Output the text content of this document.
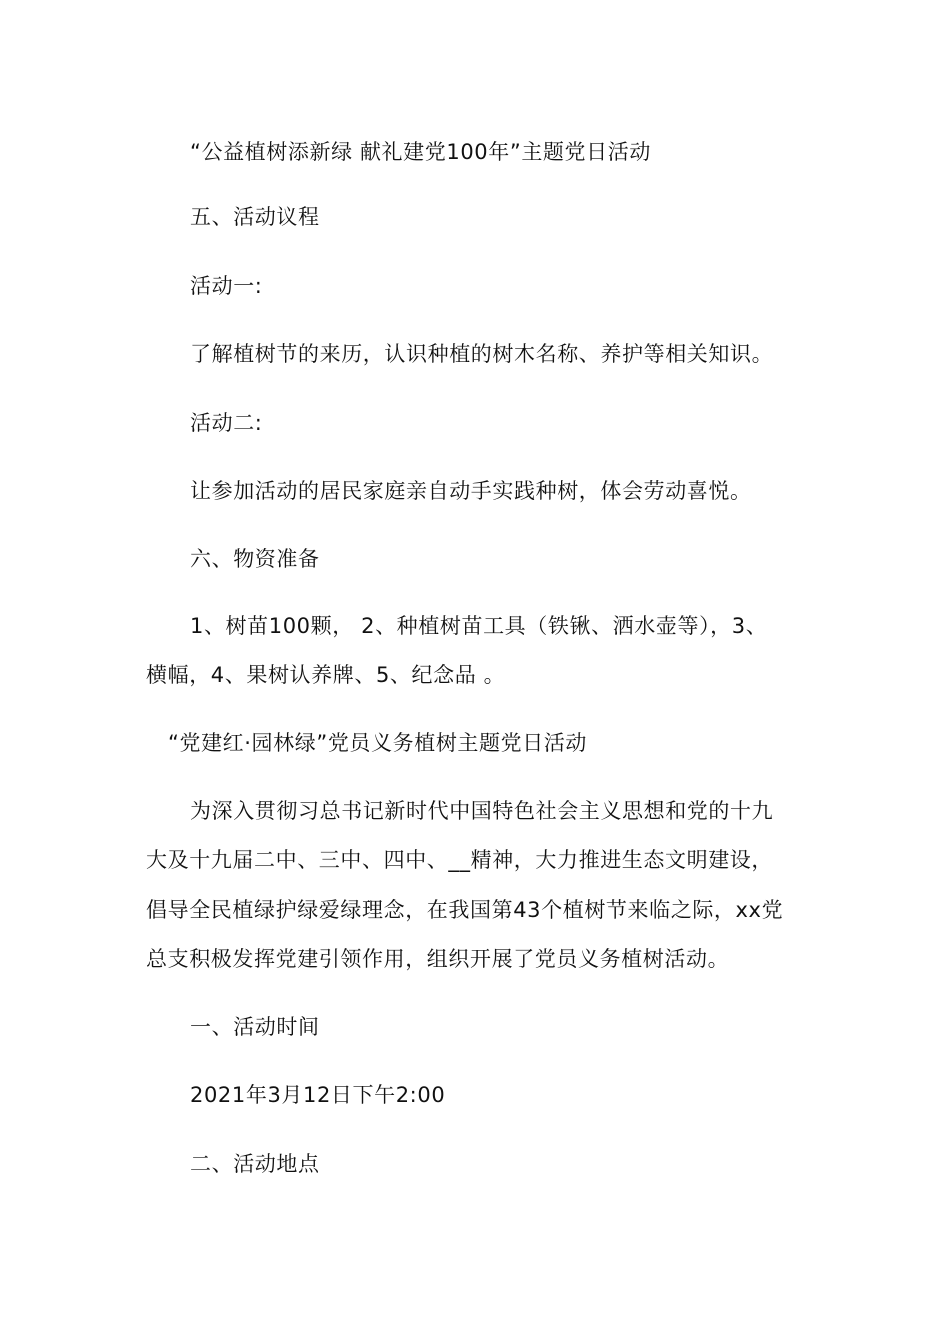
“公益植树添新绿 献礼建党100年”主题党日活动
五、活动议程
活动一:
了解植树节的来历，认识种植的树木名称、养护等相关知识。
活动二:
让参加活动的居民家庭亲自动手实践种树，体会劳动喜悦。
六、物资准备
1、树苗100颗， 2、种植树苗工具（铁锹、洒水壶等），3、
横幅，4、果树认养牌、5、纪念品 。
“党建红·园林绿”党员义务植树主题党日活动
为深入贯彻习总书记新时代中国特色社会主义思想和党的十九
大及十九届二中、三中、四中、__精神，大力推进生态文明建设，
倡导全民植绿护绿爱绿理念，在我国第43个植树节来临之际，xx党
总支积极发挥党建引领作用，组织开展了党员义务植树活动。
一、活动时间
2021年3月12日下午2:00
二、活动地点
